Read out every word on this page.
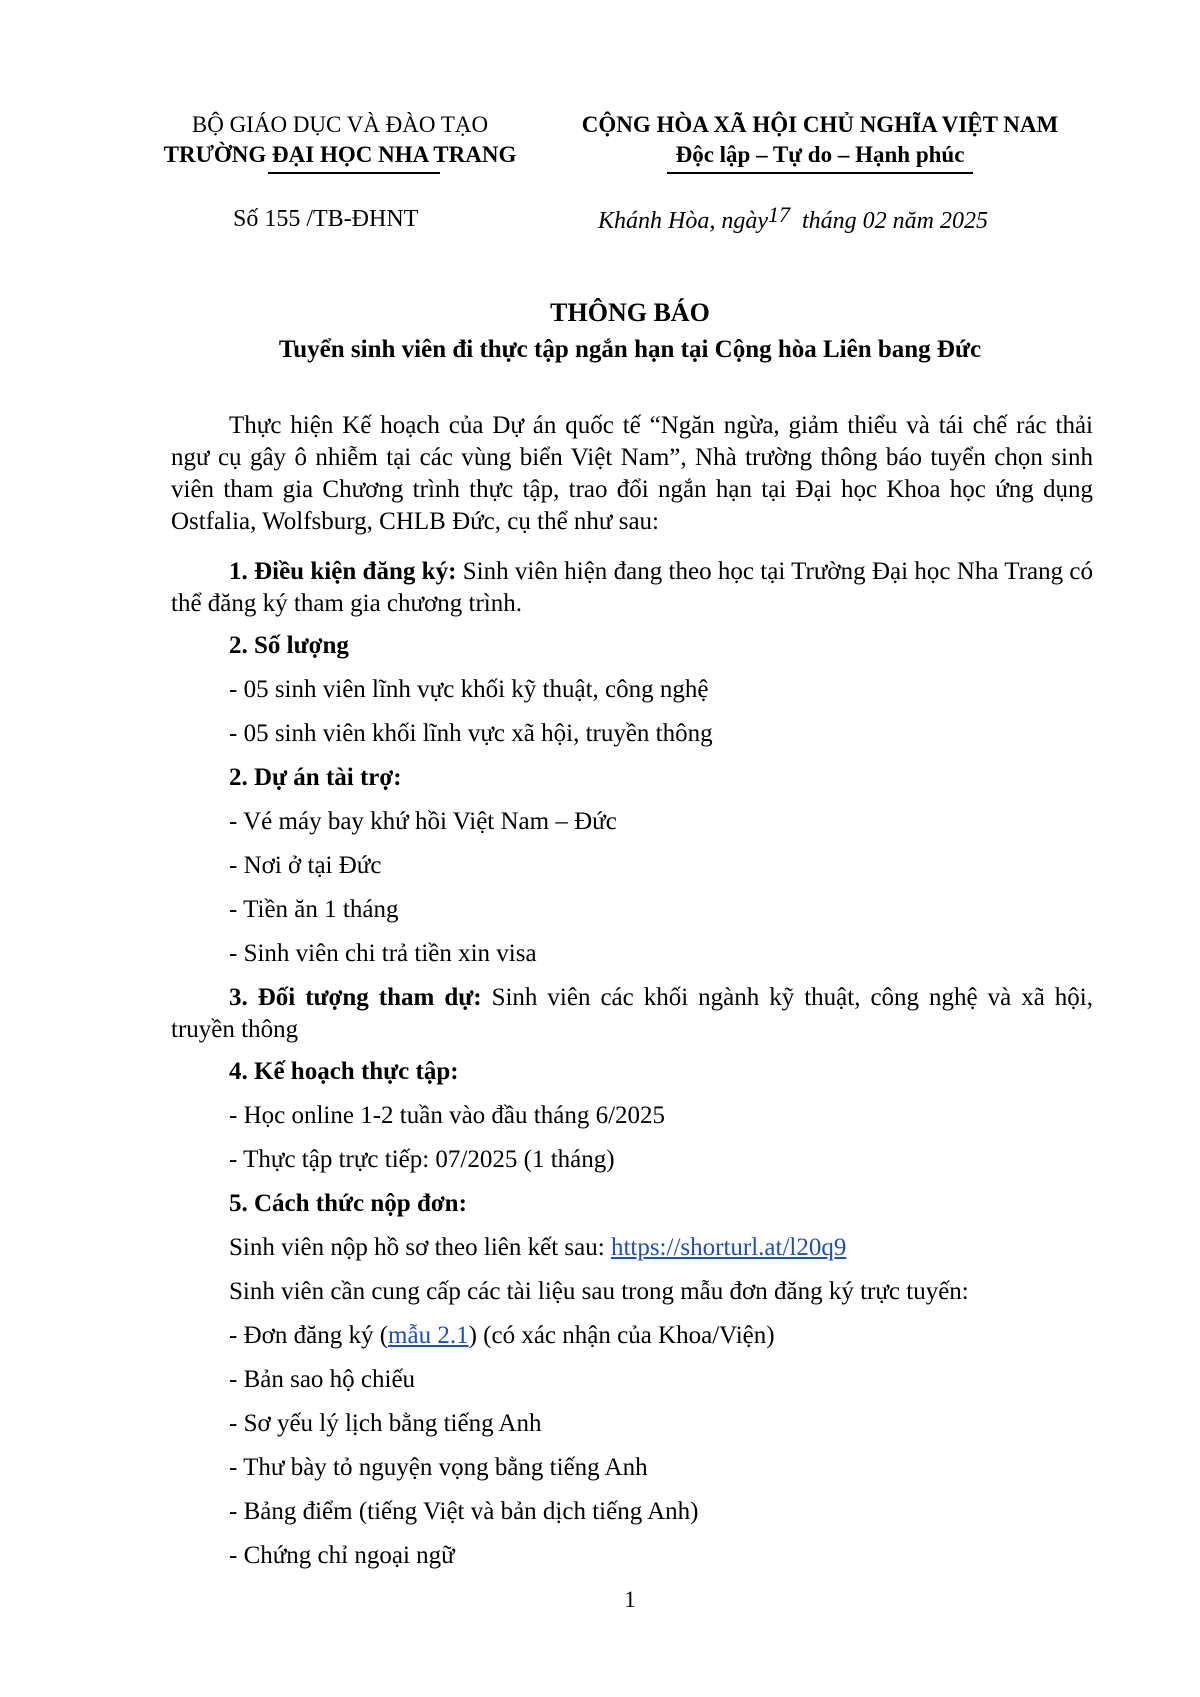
BỘ GIÁO DỤC VÀ ĐÀO TẠO
TRƯỜNG ĐẠI HỌC NHA TRANG
CỘNG HÒA XÃ HỘI CHỦ NGHĨA VIỆT NAM
Độc lập – Tự do – Hạnh phúc
Số 155 /TB-ĐHNT	Khánh Hòa, ngày17 tháng 02 năm 2025
THÔNG BÁO
Tuyển sinh viên đi thực tập ngắn hạn tại Cộng hòa Liên bang Đức
Thực hiện Kế hoạch của Dự án quốc tế “Ngăn ngừa, giảm thiểu và tái chế rác thải ngư cụ gây ô nhiễm tại các vùng biển Việt Nam”, Nhà trường thông báo tuyển chọn sinh viên tham gia Chương trình thực tập, trao đổi ngắn hạn tại Đại học Khoa học ứng dụng Ostfalia, Wolfsburg, CHLB Đức, cụ thể như sau:
1. Điều kiện đăng ký: Sinh viên hiện đang theo học tại Trường Đại học Nha Trang có thể đăng ký tham gia chương trình.
2. Số lượng
- 05 sinh viên lĩnh vực khối kỹ thuật, công nghệ
- 05 sinh viên khối lĩnh vực xã hội, truyền thông
2. Dự án tài trợ:
- Vé máy bay khứ hồi Việt Nam – Đức
- Nơi ở tại Đức
- Tiền ăn 1 tháng
- Sinh viên chi trả tiền xin visa
3. Đối tượng tham dự: Sinh viên các khối ngành kỹ thuật, công nghệ và xã hội, truyền thông
4. Kế hoạch thực tập:
- Học online 1-2 tuần vào đầu tháng 6/2025
- Thực tập trực tiếp: 07/2025 (1 tháng)
5. Cách thức nộp đơn:
Sinh viên nộp hồ sơ theo liên kết sau: https://shorturl.at/l20q9
Sinh viên cần cung cấp các tài liệu sau trong mẫu đơn đăng ký trực tuyến:
- Đơn đăng ký (mẫu 2.1) (có xác nhận của Khoa/Viện)
- Bản sao hộ chiếu
- Sơ yếu lý lịch bằng tiếng Anh
- Thư bày tỏ nguyện vọng bằng tiếng Anh
- Bảng điểm (tiếng Việt và bản dịch tiếng Anh)
- Chứng chỉ ngoại ngữ
1
